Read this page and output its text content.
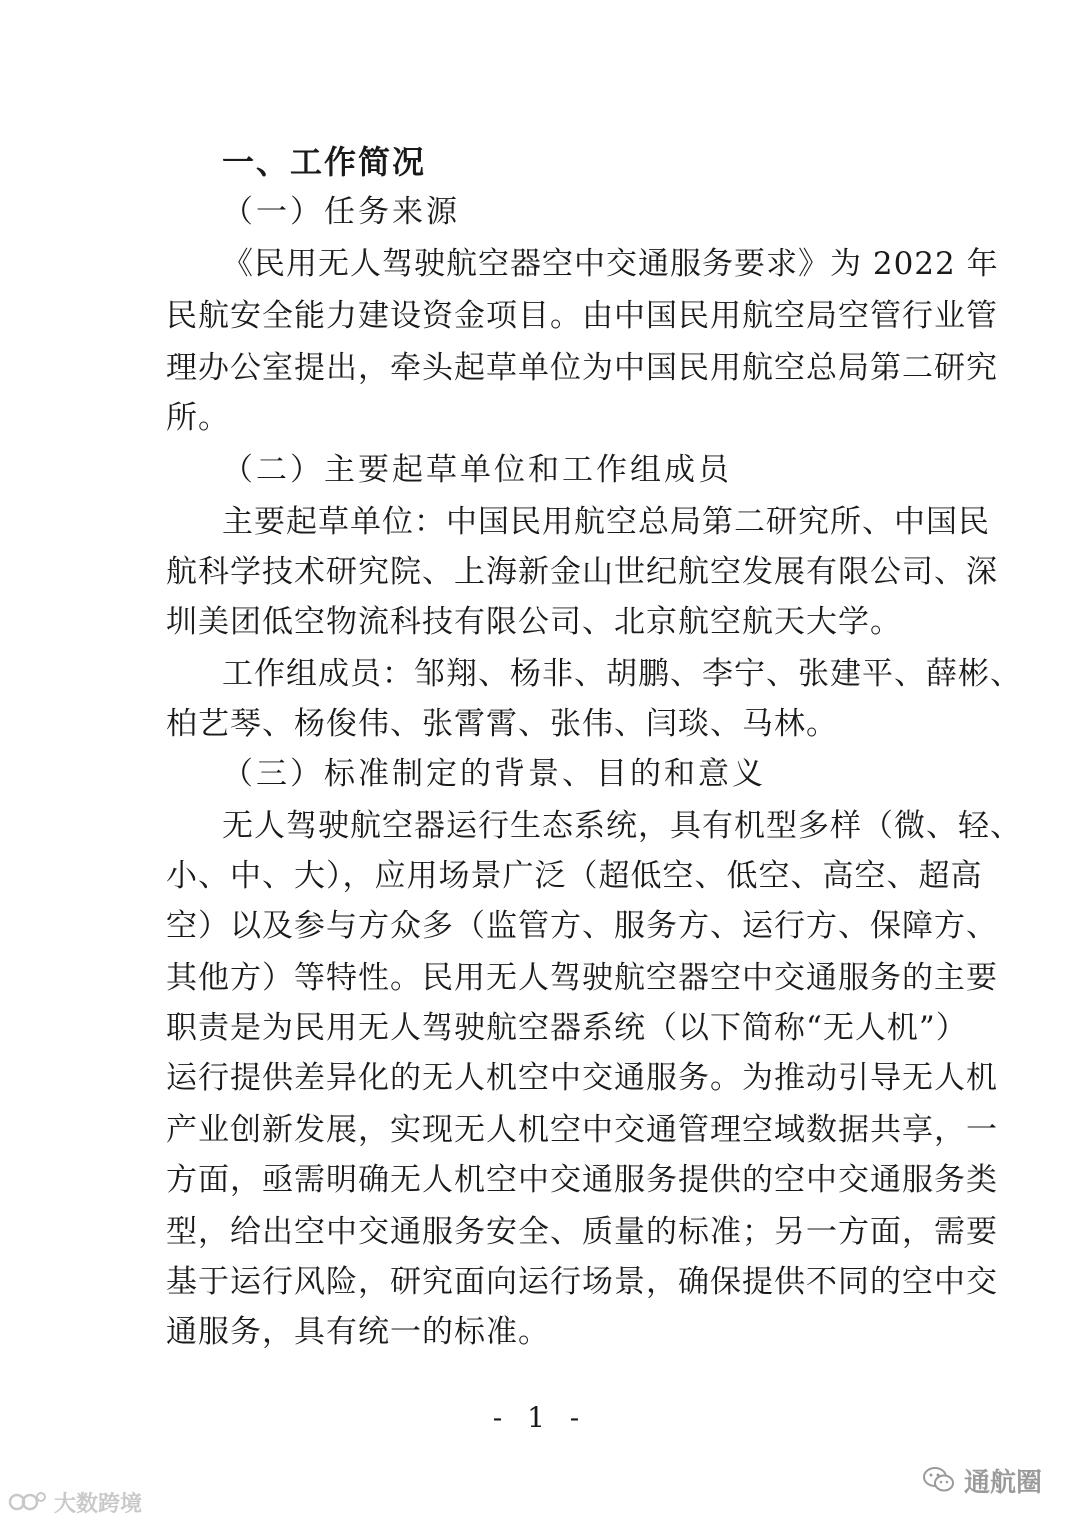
一、工作简况
（一）任务来源
《民用无人驾驶航空器空中交通服务要求》为 2022 年
民航安全能力建设资金项目。由中国民用航空局空管行业管
理办公室提出，牵头起草单位为中国民用航空总局第二研究
所。
（二）主要起草单位和工作组成员
主要起草单位：中国民用航空总局第二研究所、中国民
航科学技术研究院、上海新金山世纪航空发展有限公司、深
圳美团低空物流科技有限公司、北京航空航天大学。
工作组成员：邹翔、杨非、胡鹏、李宁、张建平、薛彬、
柏艺琴、杨俊伟、张霄霄、张伟、闫琰、马林。
（三）标准制定的背景、目的和意义
无人驾驶航空器运行生态系统，具有机型多样（微、轻、
小、中、大），应用场景广泛（超低空、低空、高空、超高
空）以及参与方众多（监管方、服务方、运行方、保障方、
其他方）等特性。民用无人驾驶航空器空中交通服务的主要
职责是为民用无人驾驶航空器系统（以下简称“无人机”）
运行提供差异化的无人机空中交通服务。为推动引导无人机
产业创新发展，实现无人机空中交通管理空域数据共享，一
方面，亟需明确无人机空中交通服务提供的空中交通服务类
型，给出空中交通服务安全、质量的标准；另一方面，需要
基于运行风险，研究面向运行场景，确保提供不同的空中交
通服务，具有统一的标准。
- 1 -
大数跨境
通航圈
